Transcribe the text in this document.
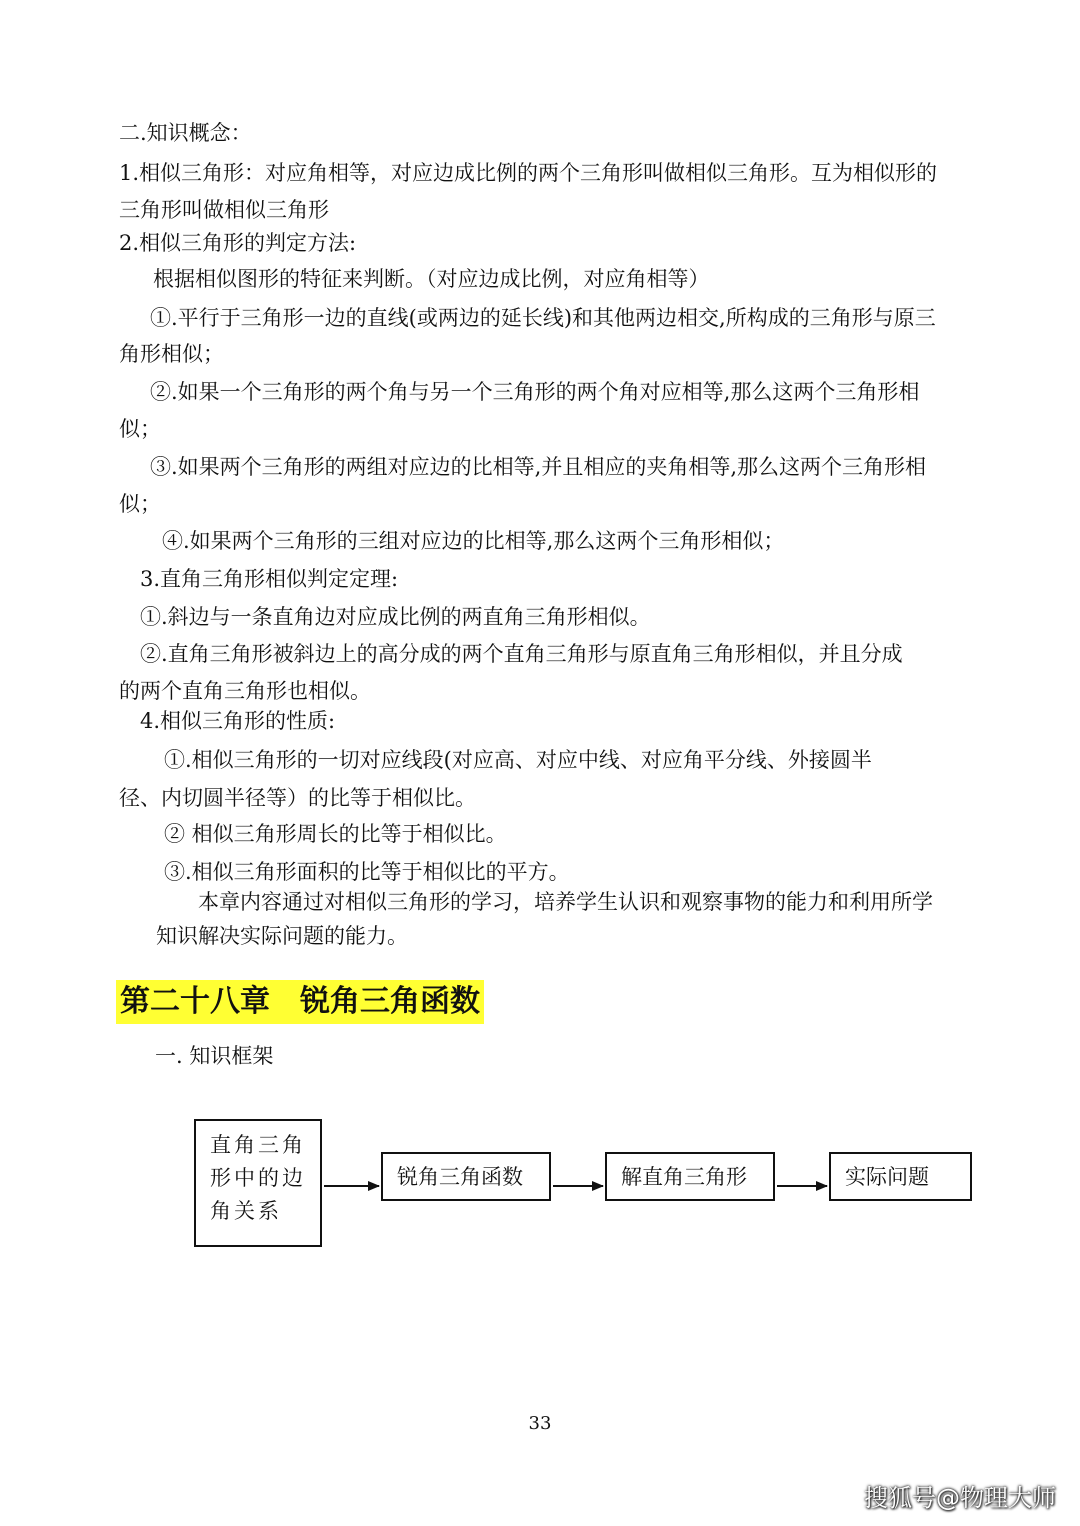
二.知识概念：
1.相似三角形：对应角相等，对应边成比例的两个三角形叫做相似三角形。互为相似形的
三角形叫做相似三角形
2.相似三角形的判定方法:
根据相似图形的特征来判断。（对应边成比例，对应角相等）
①.平行于三角形一边的直线(或两边的延长线)和其他两边相交,所构成的三角形与原三
角形相似；
②.如果一个三角形的两个角与另一个三角形的两个角对应相等,那么这两个三角形相
似；
③.如果两个三角形的两组对应边的比相等,并且相应的夹角相等,那么这两个三角形相
似；
④.如果两个三角形的三组对应边的比相等,那么这两个三角形相似；
3.直角三角形相似判定定理:
①.斜边与一条直角边对应成比例的两直角三角形相似。
②.直角三角形被斜边上的高分成的两个直角三角形与原直角三角形相似，并且分成
的两个直角三角形也相似。
4.相似三角形的性质:
①.相似三角形的一切对应线段(对应高、对应中线、对应角平分线、外接圆半
径、内切圆半径等）的比等于相似比。
② 相似三角形周长的比等于相似比。
③.相似三角形面积的比等于相似比的平方。
本章内容通过对相似三角形的学习，培养学生认识和观察事物的能力和利用所学
知识解决实际问题的能力。
第二十八章　锐角三角函数
一. 知识框架
直角三角
形中的边
角关系
锐角三角函数	解直角三角形	实际问题
33
搜狐号@物理大师
